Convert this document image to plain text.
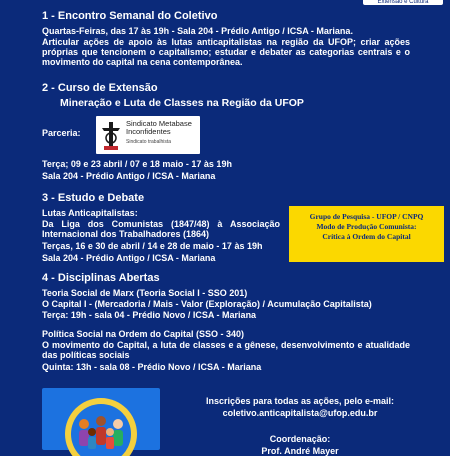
Extensão e Cultura
1 - Encontro Semanal do Coletivo
Quartas-Feiras, das 17 às 19h - Sala 204 - Prédio Antigo / ICSA - Mariana.
Articular ações de apoio às lutas anticapitalistas na região da UFOP; criar ações próprias que tencionem o capitalismo; estudar e debater as categorias centrais e o movimento do capital na cena contemporânea.
2 - Curso de Extensão
Mineração e Luta de Classes na Região da UFOP
Parceria:
Sindicato Metabase Inconfidentes
Sindicato trabalhista
Terça; 09 e 23 abril / 07 e 18 maio - 17 às 19h
Sala 204 - Prédio Antigo / ICSA - Mariana
3 - Estudo e Debate
Lutas Anticapitalistas:
Da Liga dos Comunistas (1847/48) à Associação Internacional dos Trabalhadores (1864)
Terças, 16 e 30 de abril / 14 e 28 de maio - 17 às 19h
Sala 204 - Prédio Antigo / ICSA - Mariana
Grupo de Pesquisa - UFOP / CNPQ
Modo de Produção Comunista:
Crítica à Ordem do Capital
4 - Disciplinas Abertas
Teoria Social de Marx (Teoria Social I - SSO 201)
O Capital I - (Mercadoria / Mais - Valor (Exploração) / Acumulação Capitalista)
Terça: 19h - sala 04 - Prédio Novo / ICSA - Mariana
Política Social na Ordem do Capital (SSO - 340)
O movimento do Capital, a luta de classes e a gênese, desenvolvimento e atualidade das políticas sociais
Quinta: 13h - sala 08 - Prédio Novo / ICSA - Mariana
Inscrições para todas as ações, pelo e-mail:
coletivo.anticapitalista@ufop.edu.br
Coordenação:
Prof. André Mayer
